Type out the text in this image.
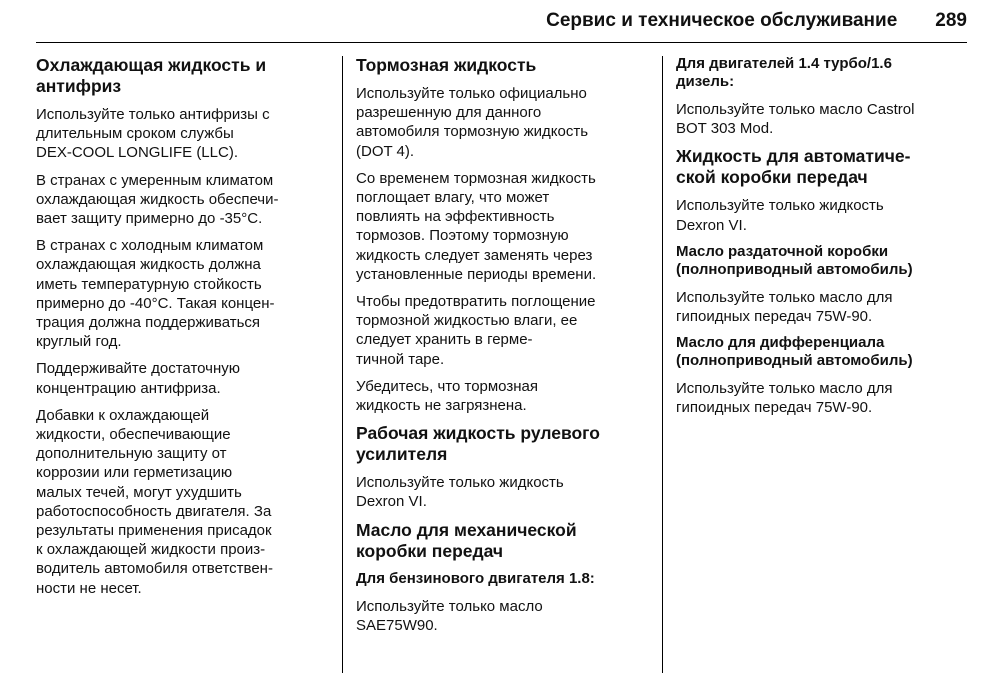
Сервис и техническое обслуживание 289
Охлаждающая жидкость и
антифриз

Используйте только антифризы с
длительным сроком службы
DEX-COOL LONGLIFE (LLC).

В странах с умеренным климатом
охлаждающая жидкость обеспечи-
вает защиту примерно до -35°C.

В странах с холодным климатом
охлаждающая жидкость должна
иметь температурную стойкость
примерно до -40°C. Такая концен-
трация должна поддерживаться
круглый год.

Поддерживайте достаточную
концентрацию антифриза.

Добавки к охлаждающей
жидкости, обеспечивающие
дополнительную защиту от
коррозии или герметизацию
малых течей, могут ухудшить
работоспособность двигателя. За
результаты применения присадок
к охлаждающей жидкости произ-
водитель автомобиля ответствен-
ности не несет.

Тормозная жидкость

Используйте только официально
разрешенную для данного
автомобиля тормозную жидкость
(DOT 4).

Со временем тормозная жидкость
поглощает влагу, что может
повлиять на эффективность
тормозов. Поэтому тормозную
жидкость следует заменять через
установленные периоды времени.

Чтобы предотвратить поглощение
тормозной жидкостью влаги, ее
следует хранить в герме-
тичной таре.

Убедитесь, что тормозная
жидкость не загрязнена.

Рабочая жидкость рулевого
усилителя

Используйте только жидкость
Dexron VI.

Масло для механической
коробки передач
Для бензинового двигателя 1.8:

Используйте только масло
SAE75W90.

Для двигателей 1.4 турбо/1.6
дизель:

Используйте только масло Castrol
BOT 303 Mod.

Жидкость для автоматиче-
ской коробки передач

Используйте только жидкость
Dexron VI.

Масло раздаточной коробки
(полноприводный автомобиль)

Используйте только масло для
гипоидных передач 75W-90.

Масло для дифференциала
(полноприводный автомобиль)

Используйте только масло для
гипоидных передач 75W-90.
